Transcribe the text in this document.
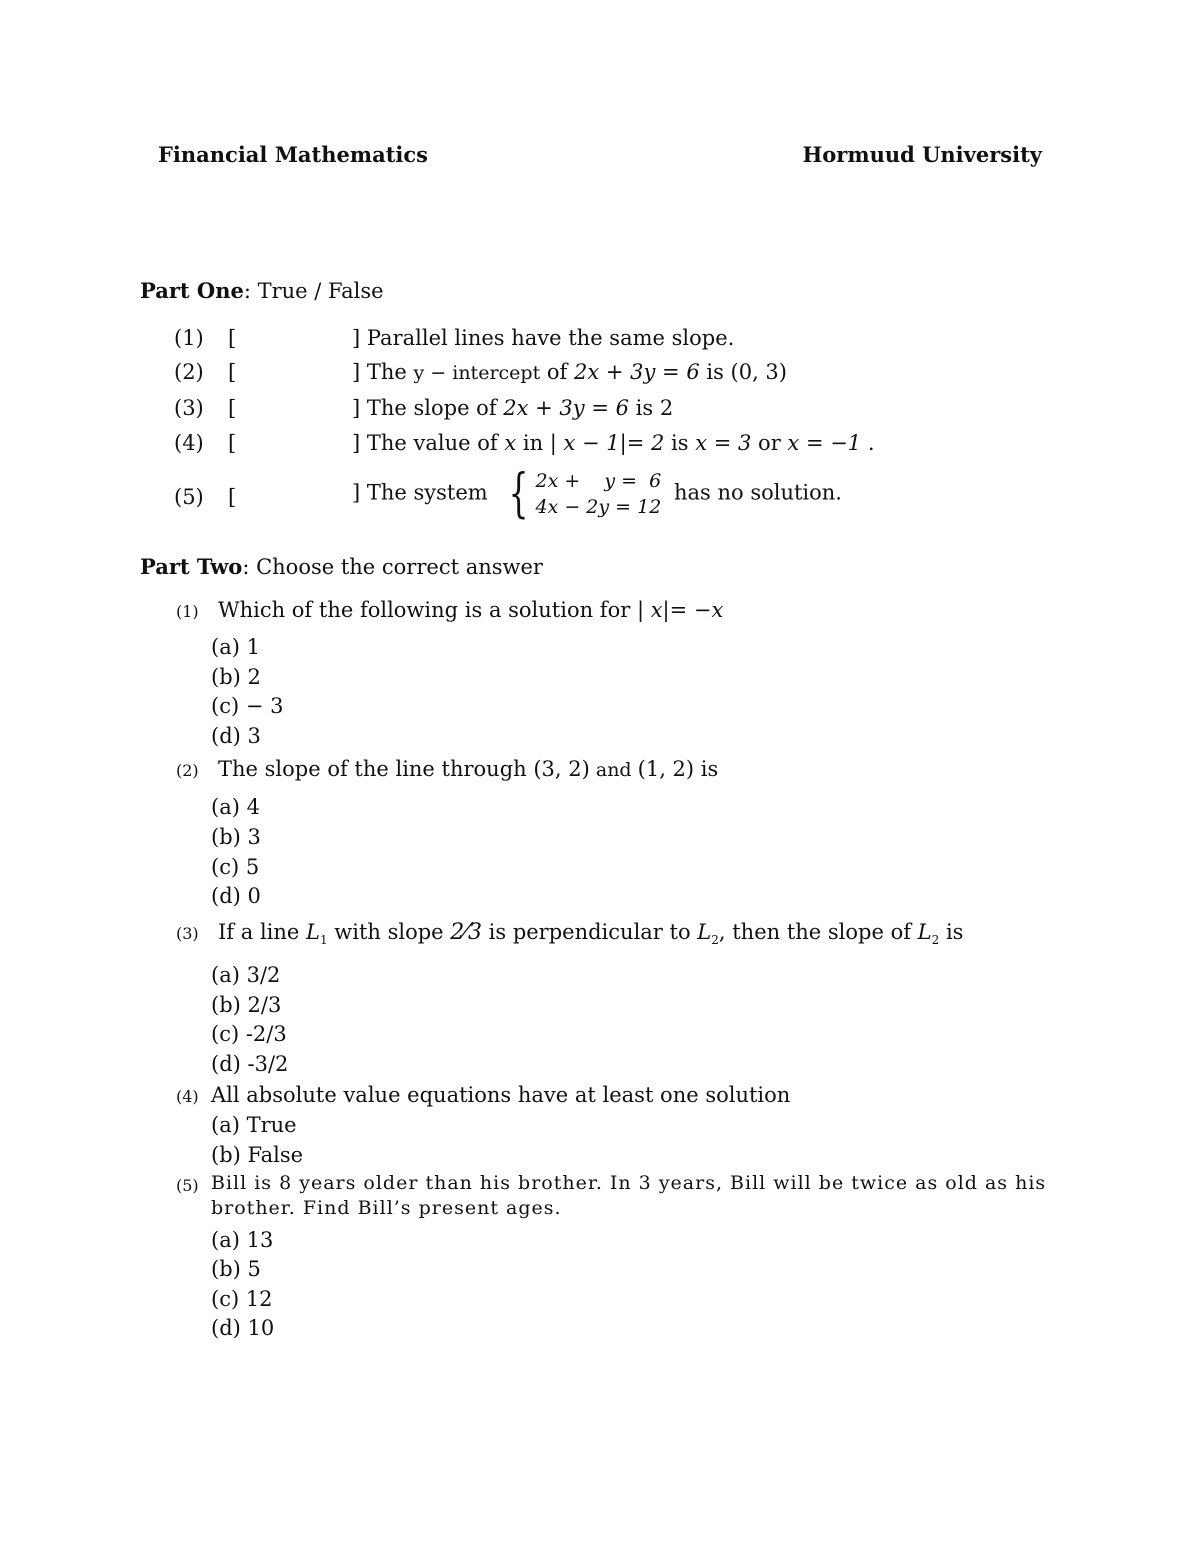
Financial Mathematics	Hormuud University
Part One: True / False
(1) [	] Parallel lines have the same slope.
(2) [	] The y − intercept of 2x + 3y = 6 is (0, 3)
(3) [	] The slope of 2x + 3y = 6 is 2
(4) [	] The value of x in | x − 1|= 2 is x = 3 or x = −1 .
(5) [	] The system { 2x +    y =  6
4x − 2y = 12
has no solution.
Part Two: Choose the correct answer
(1) Which of the following is a solution for | x|= −x
(a) 1
(b) 2
(c) − 3
(d) 3
(2) The slope of the line through (3, 2) and (1, 2) is
(a) 4
(b) 3
(c) 5
(d) 0
(3) If a line $L_1$ with slope 2⁄3 is perpendicular to $L_2$, then the slope of $L_2$ is
(a) 3/2
(b) 2/3
(c) -2/3
(d) -3/2
(4) All absolute value equations have at least one solution
(a) True
(b) False
(5) Bill is 8 years older than his brother. In 3 years, Bill will be twice as old as his
brother. Find Bill’s present ages.
(a) 13
(b) 5
(c) 12
(d) 10
